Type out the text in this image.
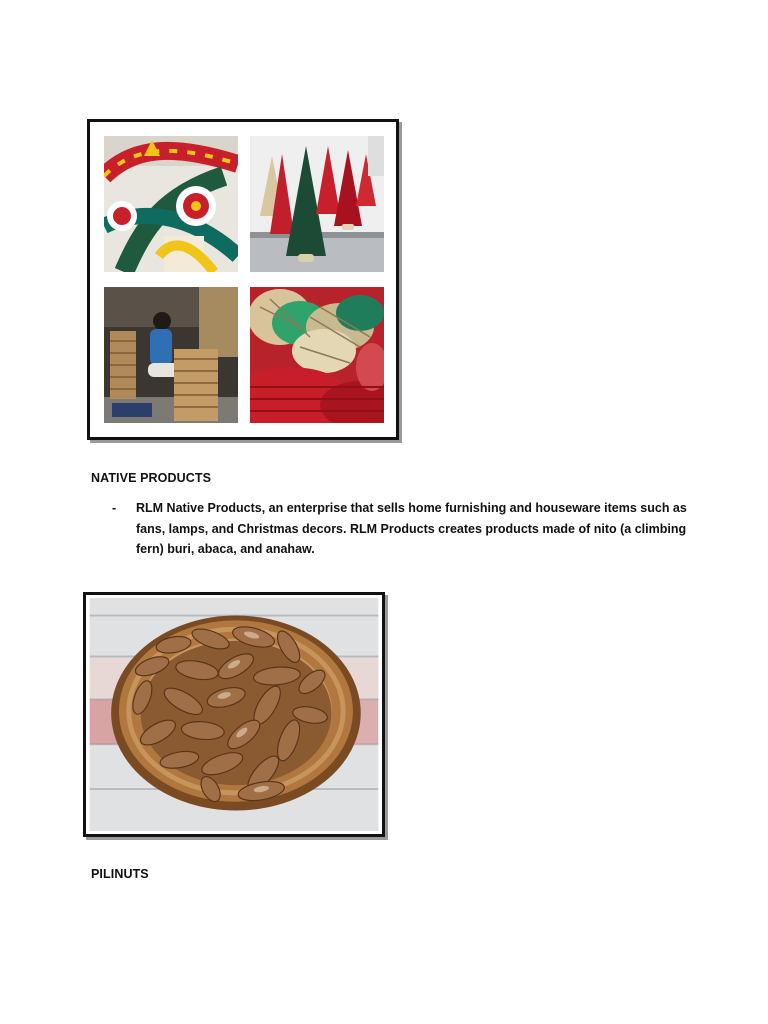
NATIVE PRODUCTS
- RLM Native Products, an enterprise that sells home furnishing and houseware items such as fans, lamps, and Christmas decors. RLM Products creates products made of nito (a climbing fern) buri, abaca, and anahaw.
PILINUTS
